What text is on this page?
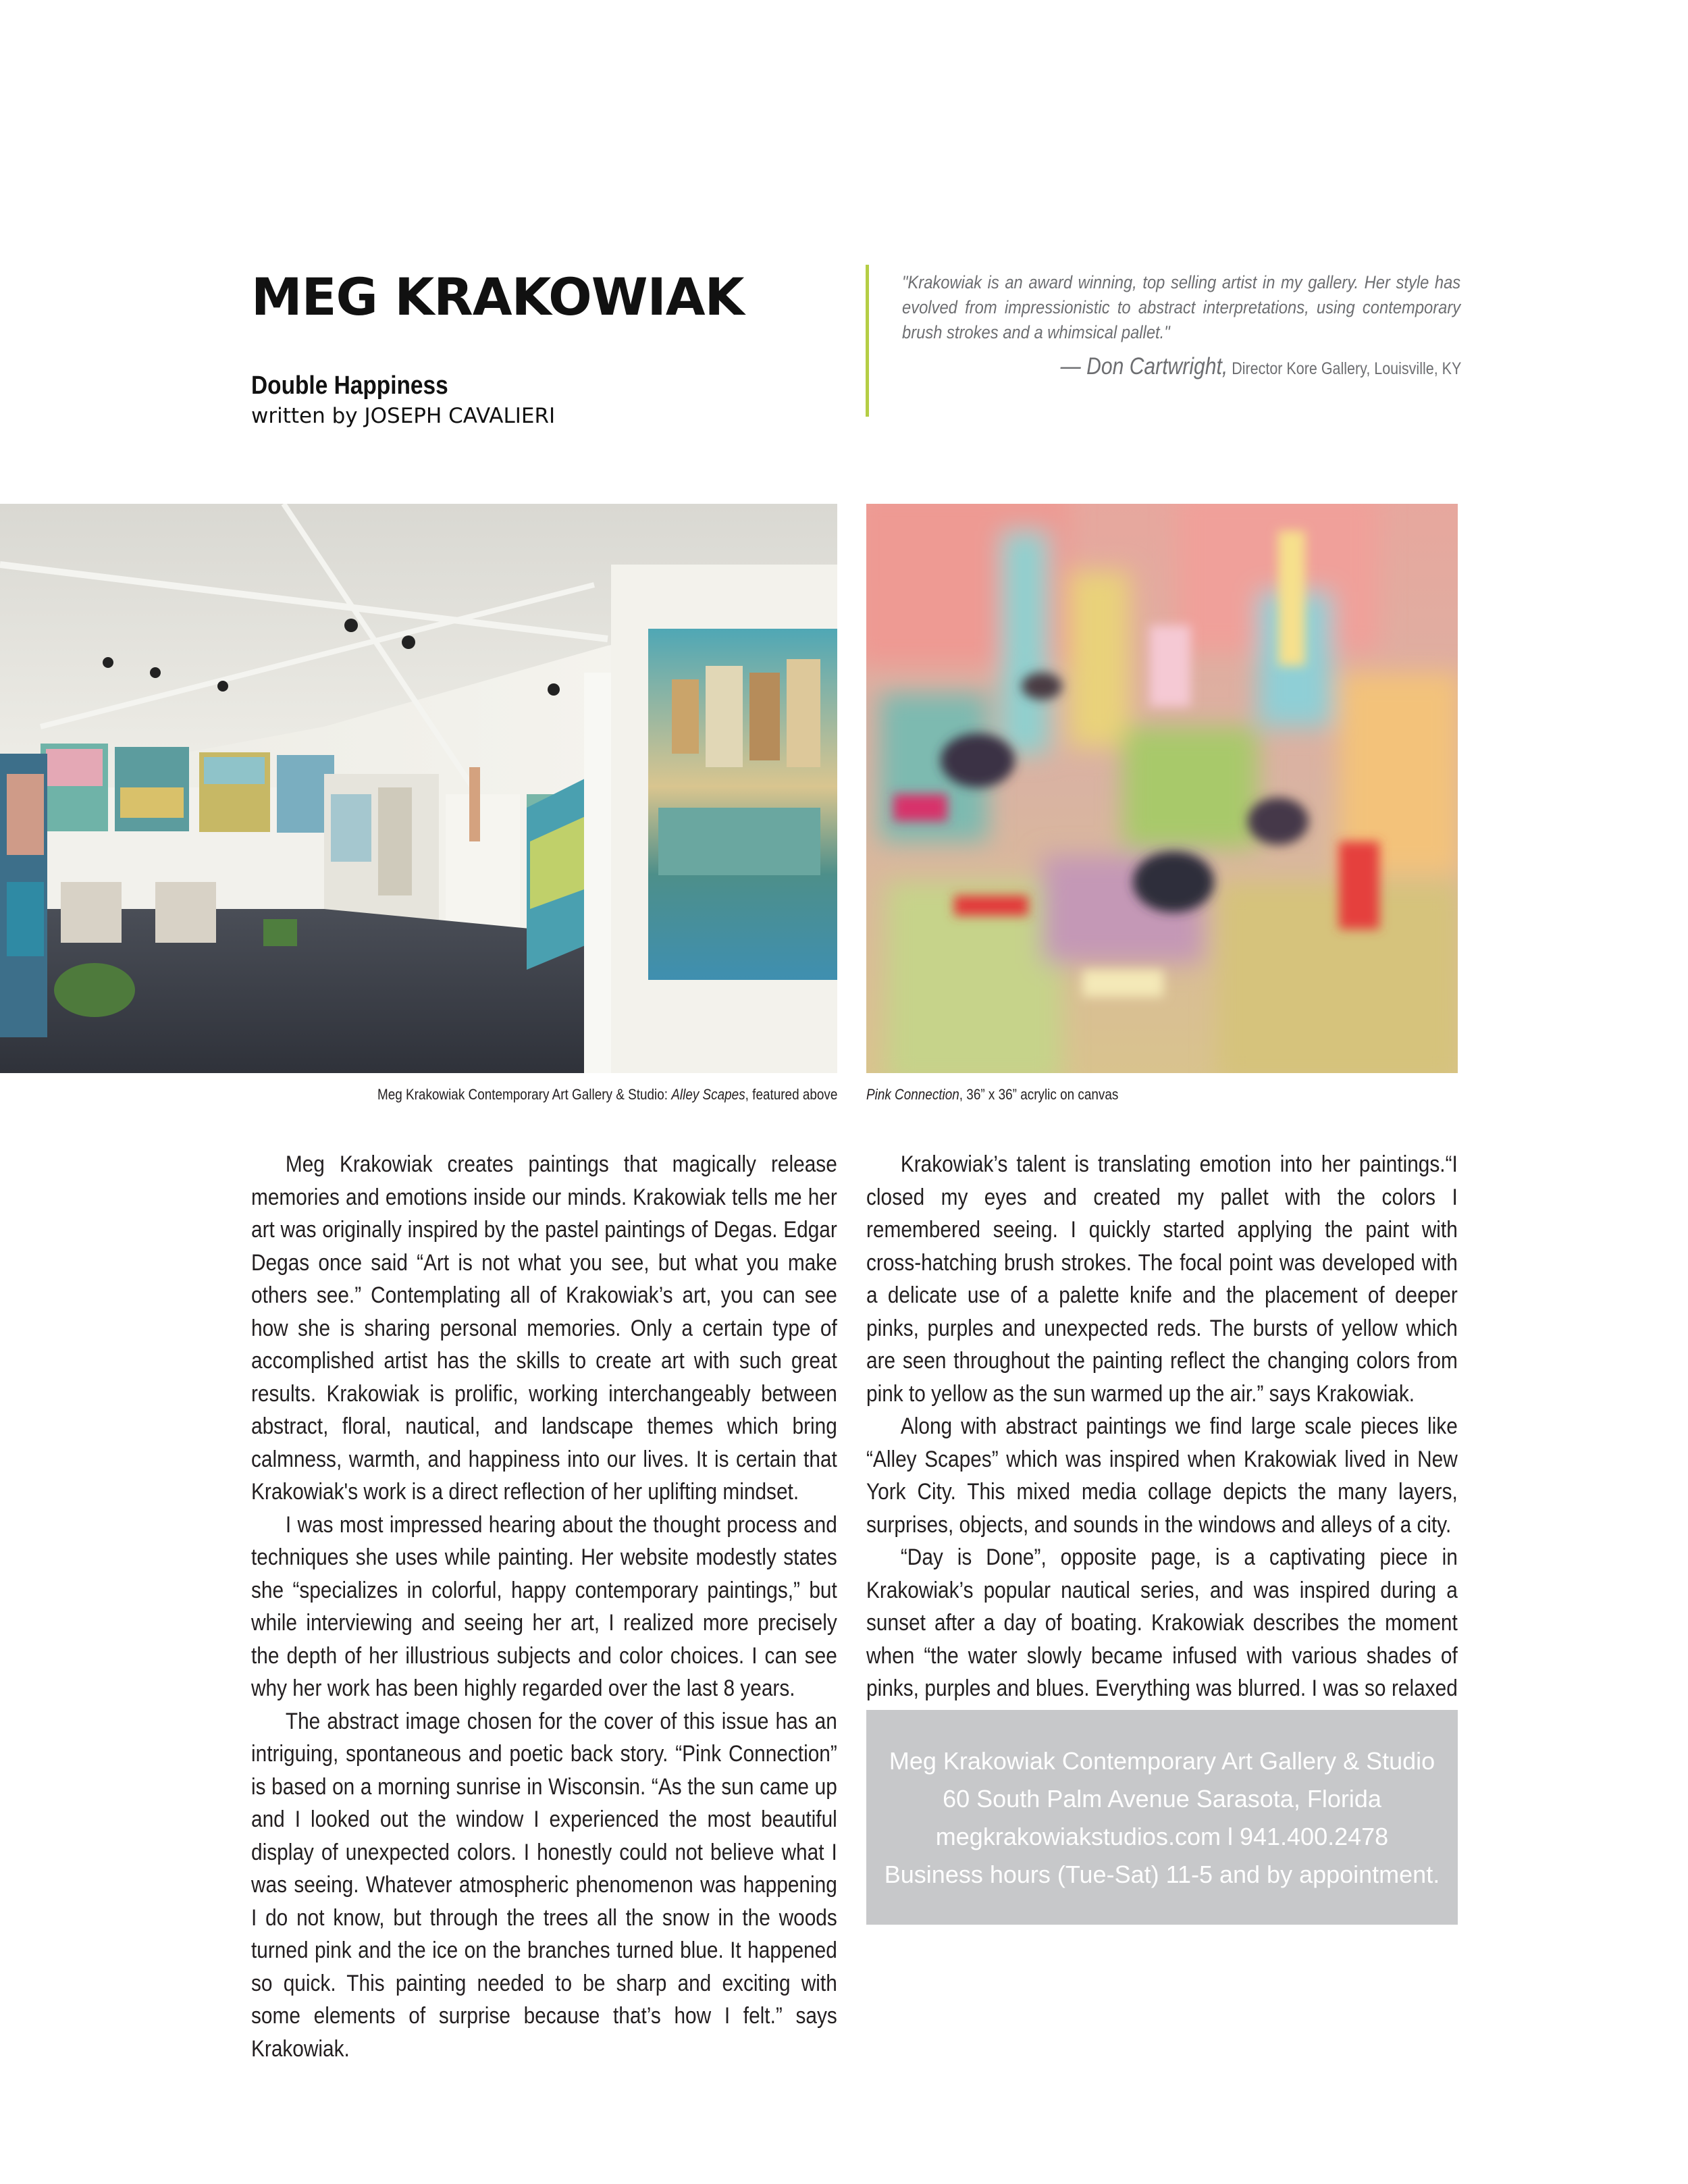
MEG KRAKOWIAK
Double Happiness

written by JOSEPH CAVALIERI

"Krakowiak is an award winning, top selling artist in my gallery. Her style has evolved from impressionistic to abstract interpretations, using contemporary brush strokes and a whimsical pallet."

— Don Cartwright, Director Kore Gallery, Louisville, KY

Meg Krakowiak Contemporary Art Gallery & Studio: Alley Scapes, featured above Pink Connection, 36” x 36” acrylic on canvas

Meg Krakowiak creates paintings that magically release memories and emotions inside our minds. Krakowiak tells me her art was originally inspired by the pastel paintings of Degas. Edgar Degas once said “Art is not what you see, but what you make others see.” Contemplating all of Krakowiak’s art, you can see how she is sharing personal memories. Only a certain type of accomplished artist has the skills to create art with such great results. Krakowiak is prolific, working interchangeably between abstract, floral, nautical, and landscape themes which bring calmness, warmth, and happiness into our lives. It is certain that Krakowiak's work is a direct reflection of her uplifting mindset.

I was most impressed hearing about the thought process and techniques she uses while painting. Her website modestly states she “specializes in colorful, happy contemporary paintings,” but while interviewing and seeing her art, I realized more precisely the depth of her illustrious subjects and color choices. I can see why her work has been highly regarded over the last 8 years.

The abstract image chosen for the cover of this issue has an intriguing, spontaneous and poetic back story. “Pink Connection” is based on a morning sunrise in Wisconsin. “As the sun came up and I looked out the window I experienced the most beautiful display of unexpected colors. I honestly could not believe what I was seeing. Whatever atmospheric phenomenon was happening I do not know, but through the trees all the snow in the woods turned pink and the ice on the branches turned blue. It happened so quick. This painting needed to be sharp and exciting with some elements of surprise because that’s how I felt.” says Krakowiak.

Krakowiak’s talent is translating emotion into her paintings.“I closed my eyes and created my pallet with the colors I remembered seeing. I quickly started applying the paint with cross-hatching brush strokes. The focal point was developed with a delicate use of a palette knife and the placement of deeper pinks, purples and unexpected reds. The bursts of yellow which are seen throughout the painting reflect the changing colors from pink to yellow as the sun warmed up the air.” says Krakowiak.

Along with abstract paintings we find large scale pieces like “Alley Scapes” which was inspired when Krakowiak lived in New York City. This mixed media collage depicts the many layers, surprises, objects, and sounds in the windows and alleys of a city.

“Day is Done”, opposite page, is a captivating piece in Krakowiak’s popular nautical series, and was inspired during a sunset after a day of boating. Krakowiak describes the moment when “the water slowly became infused with various shades of pinks, purples and blues. Everything was blurred. I was so relaxed

Meg Krakowiak Contemporary Art Gallery & Studio
60 South Palm Avenue Sarasota, Florida
megkrakowiakstudios.com l 941.400.2478
Business hours (Tue-Sat) 11-5 and by appointment.
